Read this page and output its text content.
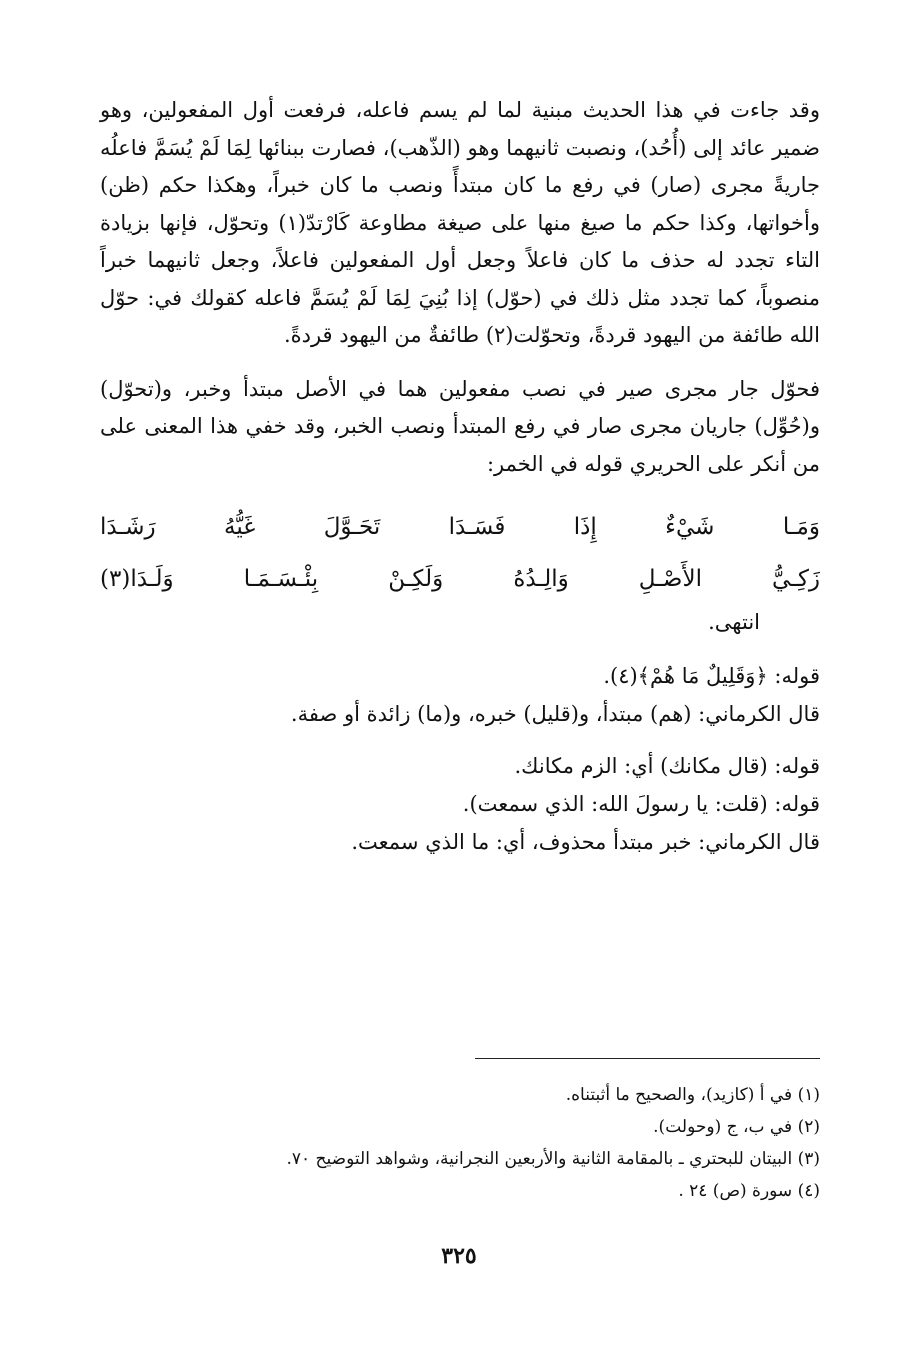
وقد جاءت في هذا الحديث مبنية لما لم يسم فاعله، فرفعت أول المفعولين، وهو ضمير عائد إلى (أُحُد)، ونصبت ثانيهما وهو (الذّهب)، فصارت ببنائها لِمَا لَمْ يُسَمَّ فاعلُه جاريةً مجرى (صار) في رفع ما كان مبتدأً ونصب ما كان خبراً، وهكذا حكم (ظن) وأخواتها، وكذا حكم ما صيغ منها على صيغة مطاوعة كَارْتدّ(١) وتحوّل، فإنها بزيادة التاء تجدد له حذف ما كان فاعلاً وجعل أول المفعولين فاعلاً، وجعل ثانيهما خبراً منصوباً، كما تجدد مثل ذلك في (حوّل) إذا بُنِيَ لِمَا لَمْ يُسَمَّ فاعله كقولك في: حوّل الله طائفة من اليهود قردةً، وتحوّلت(٢) طائفةٌ من اليهود قردةً.

فحوّل جار مجرى صير في نصب مفعولين هما في الأصل مبتدأ وخبر، و(تحوّل) و(حُوِّل) جاريان مجرى صار في رفع المبتدأ ونصب الخبر، وقد خفي هذا المعنى على من أنكر على الحريري قوله في الخمر:

وَمَـا
شَيْءٌ
إِذَا
فَسَـدَا
تَحَـوَّلَ
غَيُّهُ
رَشَـدَا
زَكِـيُّ
الأَصْـلِ
وَالِـدُهُ
وَلَكِـنْ
بِئْـسَـمَـا
وَلَـدَا(٣)

انتهى.

قوله: ﴿وَقَلِيلٌ مَا هُمْ﴾(٤).

قال الكرماني: (هم) مبتدأ، و(قليل) خبره، و(ما) زائدة أو صفة.

قوله: (قال مكانك) أي: الزم مكانك.

قوله: (قلت: يا رسولَ الله: الذي سمعت).

قال الكرماني: خبر مبتدأ محذوف، أي: ما الذي سمعت.

(١) في أ (كازيد)، والصحيح ما أثبتناه.

(٢) في ب، ج (وحولت).

(٣) البيتان للبحتري ـ بالمقامة الثانية والأربعين النجرانية، وشواهد التوضيح ٧٠.

(٤) سورة (ص) ٢٤ .

٣٢٥
